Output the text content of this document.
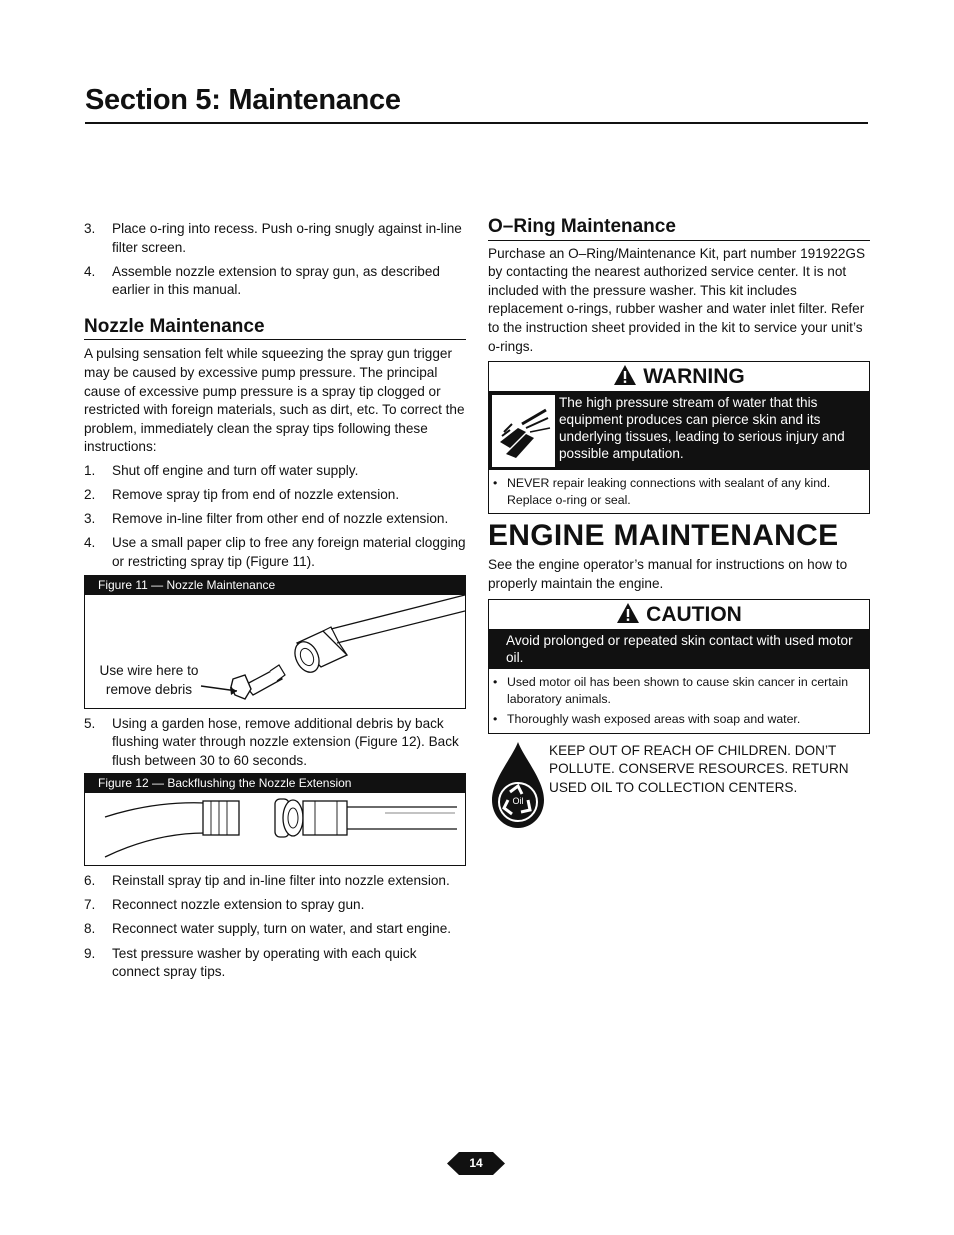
Section 5: Maintenance
3. Place o-ring into recess. Push o-ring snugly against in-line filter screen.
4. Assemble nozzle extension to spray gun, as described earlier in this manual.
Nozzle Maintenance

A pulsing sensation felt while squeezing the spray gun trigger may be caused by excessive pump pressure. The principal cause of excessive pump pressure is a spray tip clogged or restricted with foreign materials, such as dirt, etc. To correct the problem, immediately clean the spray tips following these instructions:

1. Shut off engine and turn off water supply.
2. Remove spray tip from end of nozzle extension.
3. Remove in-line filter from other end of nozzle extension.
4. Use a small paper clip to free any foreign material clogging or restricting spray tip (Figure 11).
Figure 11 — Nozzle Maintenance
Use wire here to
remove debris
5. Using a garden hose, remove additional debris by back flushing water through nozzle extension (Figure 12). Back flush between 30 to 60 seconds.
Figure 12 — Backflushing the Nozzle Extension
6. Reinstall spray tip and in-line filter into nozzle extension.
7. Reconnect nozzle extension to spray gun.
8. Reconnect water supply, turn on water, and start engine.
9. Test pressure washer by operating with each quick connect spray tips.
O–Ring Maintenance

Purchase an O–Ring/Maintenance Kit, part number 191922GS by contacting the nearest authorized service center. It is not included with the pressure washer. This kit includes replacement o-rings, rubber washer and water inlet filter. Refer to the instruction sheet provided in the kit to service your unit’s o-rings.

WARNING
The high pressure stream of water that this equipment produces can pierce skin and its underlying tissues, leading to serious injury and possible amputation.
• NEVER repair leaking connections with sealant of any kind. Replace o-ring or seal.
ENGINE MAINTENANCE

See the engine operator’s manual for instructions on how to properly maintain the engine.

CAUTION
Avoid prolonged or repeated skin contact with used motor oil.
• Used motor oil has been shown to cause skin cancer in certain laboratory animals.
• Thoroughly wash exposed areas with soap and water.
Oil
KEEP OUT OF REACH OF CHILDREN. DON’T POLLUTE. CONSERVE RESOURCES. RETURN USED OIL TO COLLECTION CENTERS.
14
